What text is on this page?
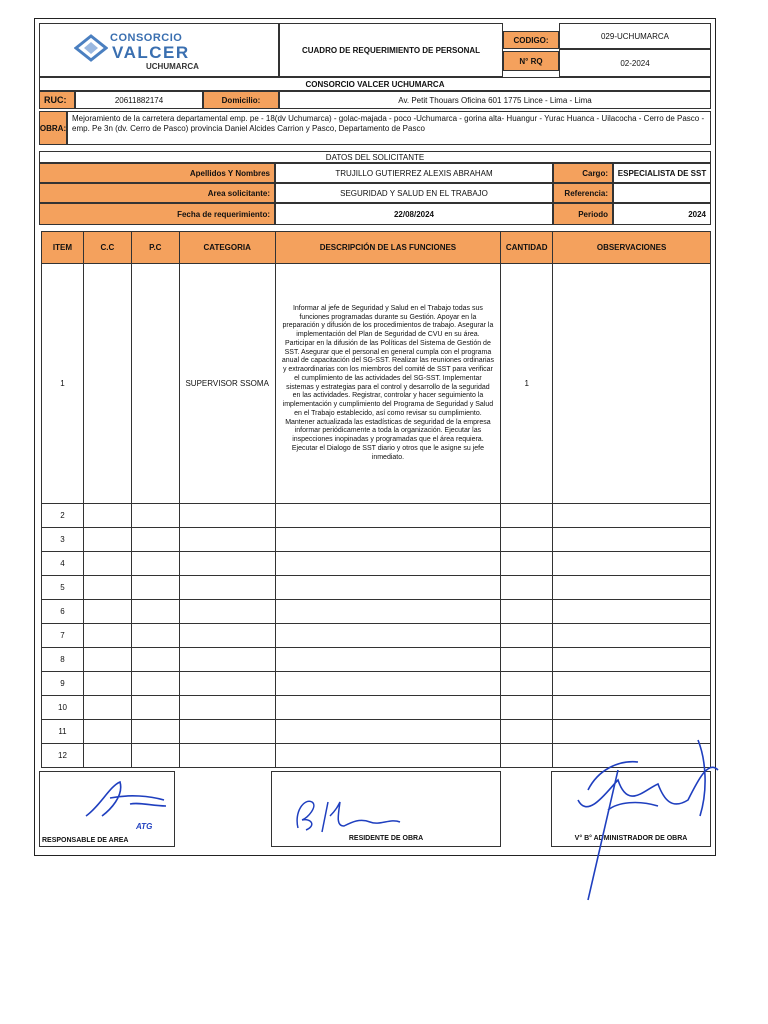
CONSORCIO
VALCER
UCHUMARCA
CUADRO DE REQUERIMIENTO DE PERSONAL
CODIGO:	029-UCHUMARCA
N° RQ	02-2024
CONSORCIO VALCER UCHUMARCA
RUC:	20611882174	Domicilio:	Av. Petit Thouars Oficina 601 1775 Lince - Lima - Lima
OBRA:
Mejoramiento de la carretera departamental emp. pe - 18(dv Uchumarca) - golac-majada - poco -Uchumarca - gorina alta- Huangur - Yurac Huanca - Uilacocha - Cerro de Pasco - emp. Pe 3n (dv. Cerro de Pasco) provincia Daniel Alcides Carrion y Pasco, Departamento de Pasco
DATOS DEL SOLICITANTE
Apellidos Y Nombres	TRUJILLO GUTIERREZ ALEXIS ABRAHAM	Cargo:	ESPECIALISTA DE SST
Area solicitante:	SEGURIDAD Y SALUD EN EL TRABAJO	Referencia:
Fecha de requerimiento:	22/08/2024	Periodo	2024
ITEM	C.C	P.C	CATEGORIA	DESCRIPCIÓN DE LAS FUNCIONES	CANTIDAD	OBSERVACIONES
1			SUPERVISOR SSOMA	Informar al jefe de Seguridad y Salud en el Trabajo todas sus funciones programadas durante su Gestión. Apoyar en la preparación y difusión de los procedimientos de trabajo. Asegurar la implementación del Plan de Seguridad de CVU en su área. Participar en la difusión de las Políticas del Sistema de Gestión de SST. Asegurar que el personal en general cumpla con el programa anual de capacitación del SG-SST. Realizar las reuniones ordinarias y extraordinarias con los miembros del comité de SST para verificar el cumplimiento de las actividades del SG-SST. Implementar sistemas y estrategias para el control y desarrollo de la seguridad en las actividades. Registrar, controlar y hacer seguimiento la implementación y cumplimiento del Programa de Seguridad y Salud en el Trabajo establecido, así como revisar su cumplimiento. Mantener actualizada las estadísticas de seguridad de la empresa informar periódicamente a toda la organización. Ejecutar las inspecciones inopinadas y programadas que el área requiera. Ejecutar el Dialogo de SST diario y otros que le asigne su jefe inmediato.	1	
2						
3						
4						
5						
6						
7						
8						
9						
10						
11						
12						
ATG
RESPONSABLE DE AREA	RESIDENTE DE OBRA	V° B° ADMINISTRADOR DE OBRA
